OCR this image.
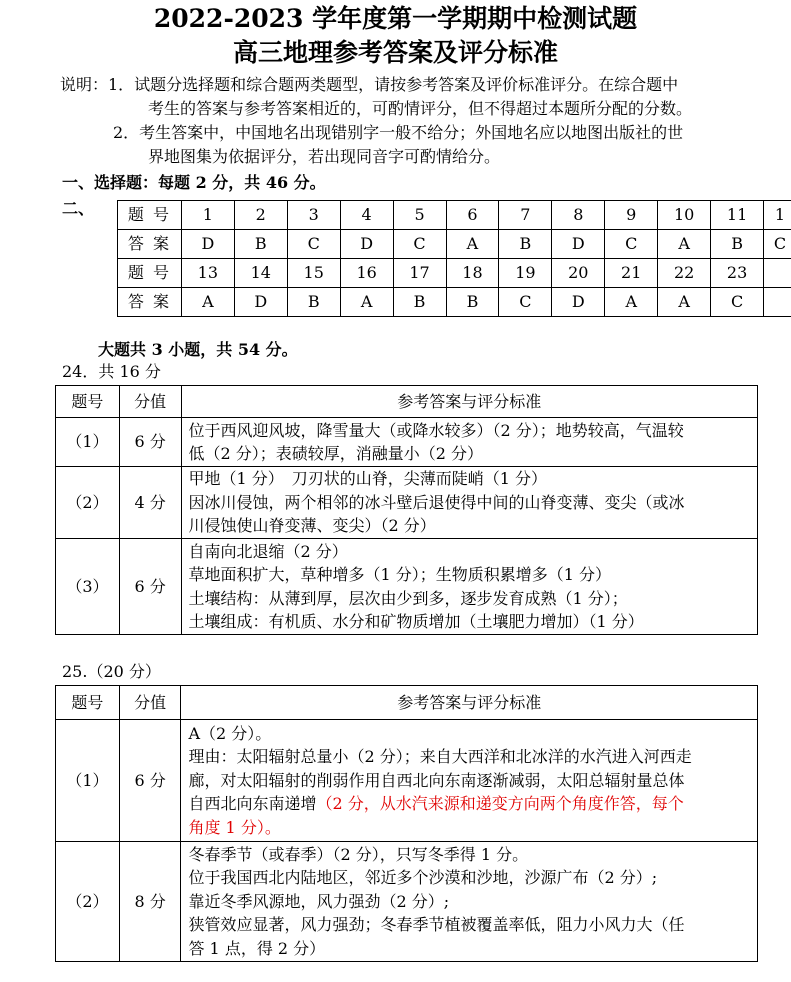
2022-2023 学年度第一学期期中检测试题
高三地理参考答案及评分标准
说明：1．试题分选择题和综合题两类题型，请按参考答案及评价标准评分。在综合题中
考生的答案与参考答案相近的，可酌情评分，但不得超过本题所分配的分数。
2．考生答案中，中国地名出现错别字一般不给分；外国地名应以地图出版社的世
界地图集为依据评分，若出现同音字可酌情给分。
一、选择题：每题 2 分，共 46 分。
二、 题 号	1	2	3	4	5	6	7	8	9	10	11	1
答 案	D	B	C	D	C	A	B	D	C	A	B	C
题 号	13	14	15	16	17	18	19	20	21	22	23	
答 案	A	D	B	A	B	B	C	D	A	A	C	
大题共 3 小题，共 54 分。
24．共 16 分
题号	分值	参考答案与评分标准
（1）	6 分	位于西风迎风坡，降雪量大（或降水较多）（2 分）；地势较高，气温较
低（2 分）；表碛较厚，消融量小（2 分）

（2）	4 分	甲地（1 分）　刀刃状的山脊，尖薄而陡峭（1 分）
因冰川侵蚀，两个相邻的冰斗壁后退使得中间的山脊变薄、变尖（或冰
川侵蚀使山脊变薄、变尖）（2 分）

（3）	6 分	自南向北退缩（2 分）
草地面积扩大，草种增多（1 分）；生物质积累增多（1 分）
土壤结构：从薄到厚，层次由少到多，逐步发育成熟（1 分）；
土壤组成：有机质、水分和矿物质增加（土壤肥力增加）（1 分）
25.（20 分）
题号	分值	参考答案与评分标准
（1）	6 分	A（2 分）。
理由：太阳辐射总量小（2 分）；来自大西洋和北冰洋的水汽进入河西走
廊，对太阳辐射的削弱作用自西北向东南逐渐减弱，太阳总辐射量总体
自西北向东南递增（2 分，从水汽来源和递变方向两个角度作答，每个
角度 1 分）。

（2）	8 分	冬春季节（或春季）（2 分），只写冬季得 1 分。
位于我国西北内陆地区，邻近多个沙漠和沙地，沙源广布（2 分）;
靠近冬季风源地，风力强劲（2 分）;
狭管效应显著，风力强劲；冬春季节植被覆盖率低，阻力小风力大（任
答 1 点，得 2 分）
